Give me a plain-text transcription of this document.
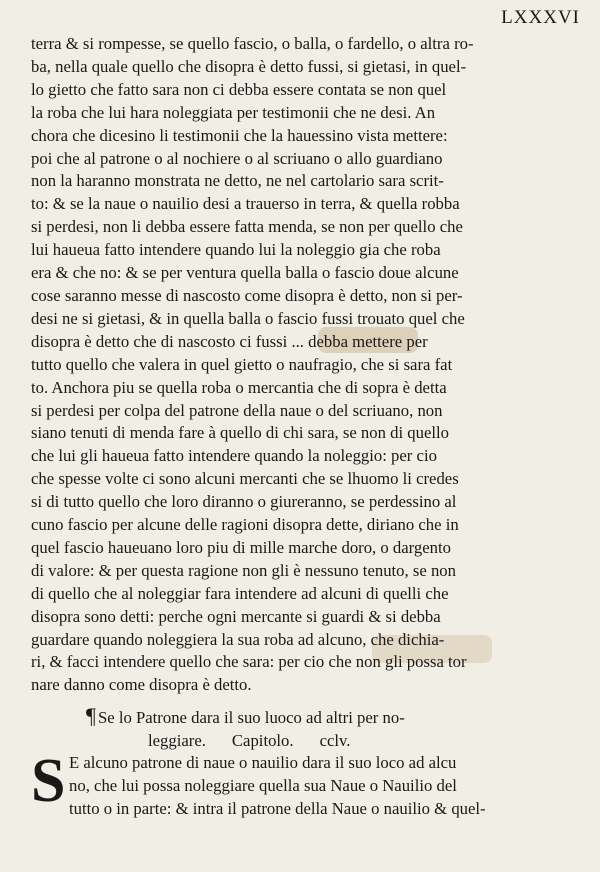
LXXXVI
terra & si rompesse, se quello fascio, o balla, o fardello, o altra ro-
ba, nella quale quello che disopra è detto fussi, si gietasi, in quel-
lo gietto che fatto sara non ci debba essere contata se non quel
la roba che lui hara noleggiata per testimonii che ne desi. An
chora che dicesino li testimonii che la hauessino vista mettere:
poi che al patrone o al nochiere o al scriuano o allo guardiano
non la haranno monstrata ne detto, ne nel cartolario sara scrit-
to: & se la naue o nauilio desi a trauerso in terra, & quella robba
si perdesi, non li debba essere fatta menda, se non per quello che
lui haueua fatto intendere quando lui la noleggio gia che roba
era & che no: & se per ventura quella balla o fascio doue alcune
cose saranno messe di nascosto come disopra è detto, non si per-
desi ne si gietasi, & in quella balla o fascio fussi trouato quel che
disopra è detto che di nascosto ci fussi ... debba mettere per
tutto quello che valera in quel gietto o naufragio, che si sara fat
to. Anchora piu se quella roba o mercantia che di sopra è detta
si perdesi per colpa del patrone della naue o del scriuano, non
siano tenuti di menda fare à quello di chi sara, se non di quello
che lui gli haueua fatto intendere quando la noleggio: per cio
che spesse volte ci sono alcuni mercanti che se lhuomo li credes
si di tutto quello che loro diranno o giureranno, se perdessino al
cuno fascio per alcune delle ragioni disopra dette, diriano che in
quel fascio haueuano loro piu di mille marche doro, o dargento
di valore: & per questa ragione non gli è nessuno tenuto, se non
di quello che al noleggiar fara intendere ad alcuni di quelli che
disopra sono detti: perche ogni mercante si guardi & si debba
guardare quando noleggiera la sua roba ad alcuno, che dichia-
ri, & facci intendere quello che sara: per cio che non gli possa tor
nare danno come disopra è detto.
¶ Se lo Patrone dara il suo luoco ad altri per no-
leggiare. Capitolo. cclv.
S E alcuno patrone di naue o nauilio dara il suo loco ad alcu
no, che lui possa noleggiare quella sua Naue o Nauilio del
tutto o in parte: & intra il patrone della Naue o nauilio & quel-
